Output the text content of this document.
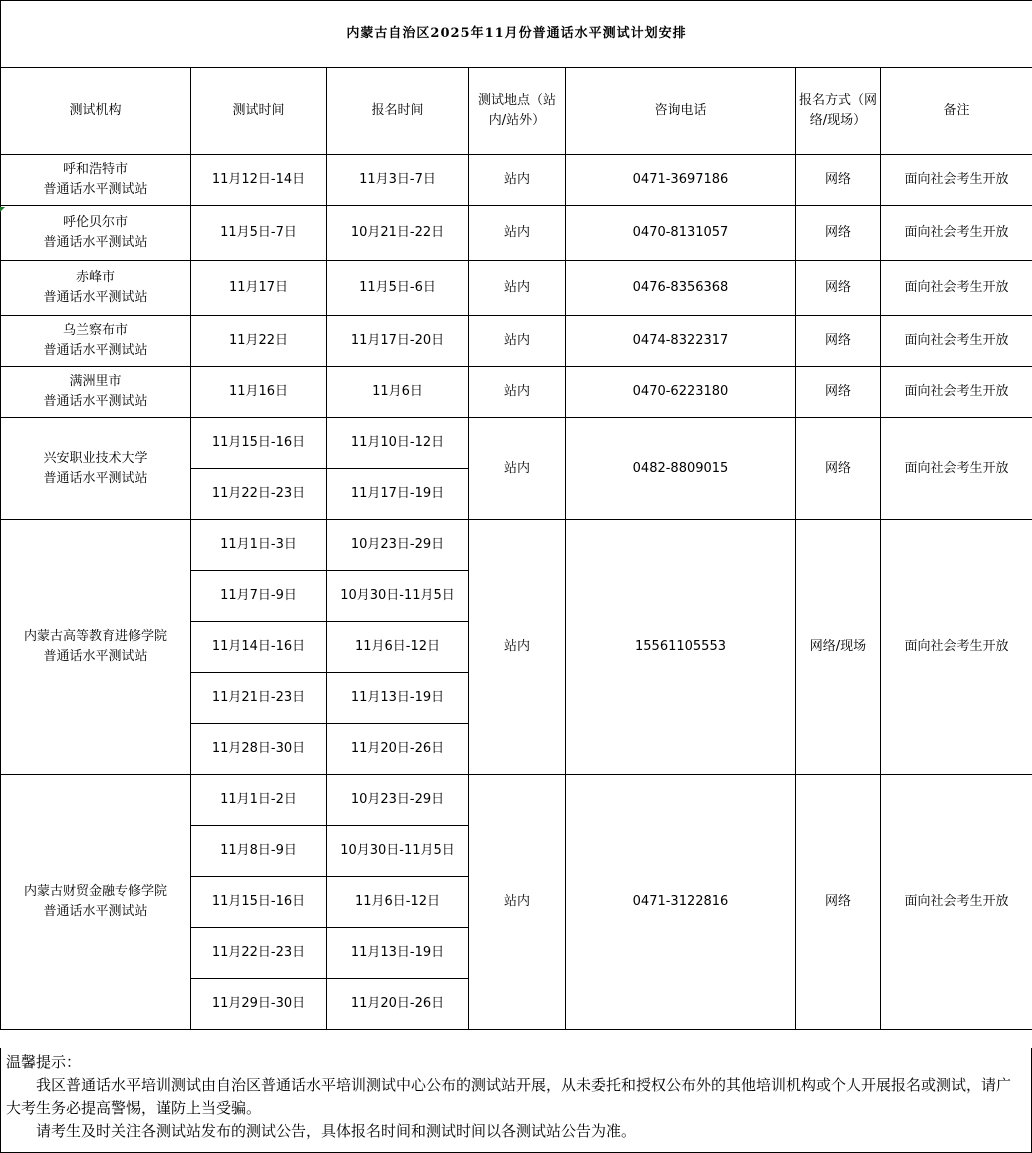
内蒙古自治区2025年11月份普通话水平测试计划安排						
测试机构	测试时间	报名时间	测试地点（站内/站外）	咨询电话	报名方式（网络/现场）	备注

呼和浩特市
普通话水平测试站	11月12日-14日	11月3日-7日	站内	0471-3697186	网络	面向社会考生开放

呼伦贝尔市
普通话水平测试站	11月5日-7日	10月21日-22日	站内	0470-8131057	网络	面向社会考生开放

赤峰市
普通话水平测试站	11月17日	11月5日-6日	站内	0476-8356368	网络	面向社会考生开放

乌兰察布市
普通话水平测试站	11月22日	11月17日-20日	站内	0474-8322317	网络	面向社会考生开放

满洲里市
普通话水平测试站	11月16日	11月6日	站内	0470-6223180	网络	面向社会考生开放

兴安职业技术大学
普通话水平测试站	11月15日-16日	11月10日-12日	站内	0482-8809015	网络	面向社会考生开放
	11月22日-23日	11月17日-19日				

内蒙古高等教育进修学院
普通话水平测试站	11月1日-3日	10月23日-29日	站内	15561105553	网络/现场	面向社会考生开放
	11月7日-9日	10月30日-11月5日				
	11月14日-16日	11月6日-12日				
	11月21日-23日	11月13日-19日				
	11月28日-30日	11月20日-26日				

内蒙古财贸金融专修学院
普通话水平测试站	11月1日-2日	10月23日-29日	站内	0471-3122816	网络	面向社会考生开放
	11月8日-9日	10月30日-11月5日				
	11月15日-16日	11月6日-12日				
	11月22日-23日	11月13日-19日				
	11月29日-30日	11月20日-26日				

温馨提示：

我区普通话水平培训测试由自治区普通话水平培训测试中心公布的测试站开展，从未委托和授权公布外的其他培训机构或个人开展报名或测试，请广大考生务必提高警惕，谨防上当受骗。

请考生及时关注各测试站发布的测试公告，具体报名时间和测试时间以各测试站公告为准。
